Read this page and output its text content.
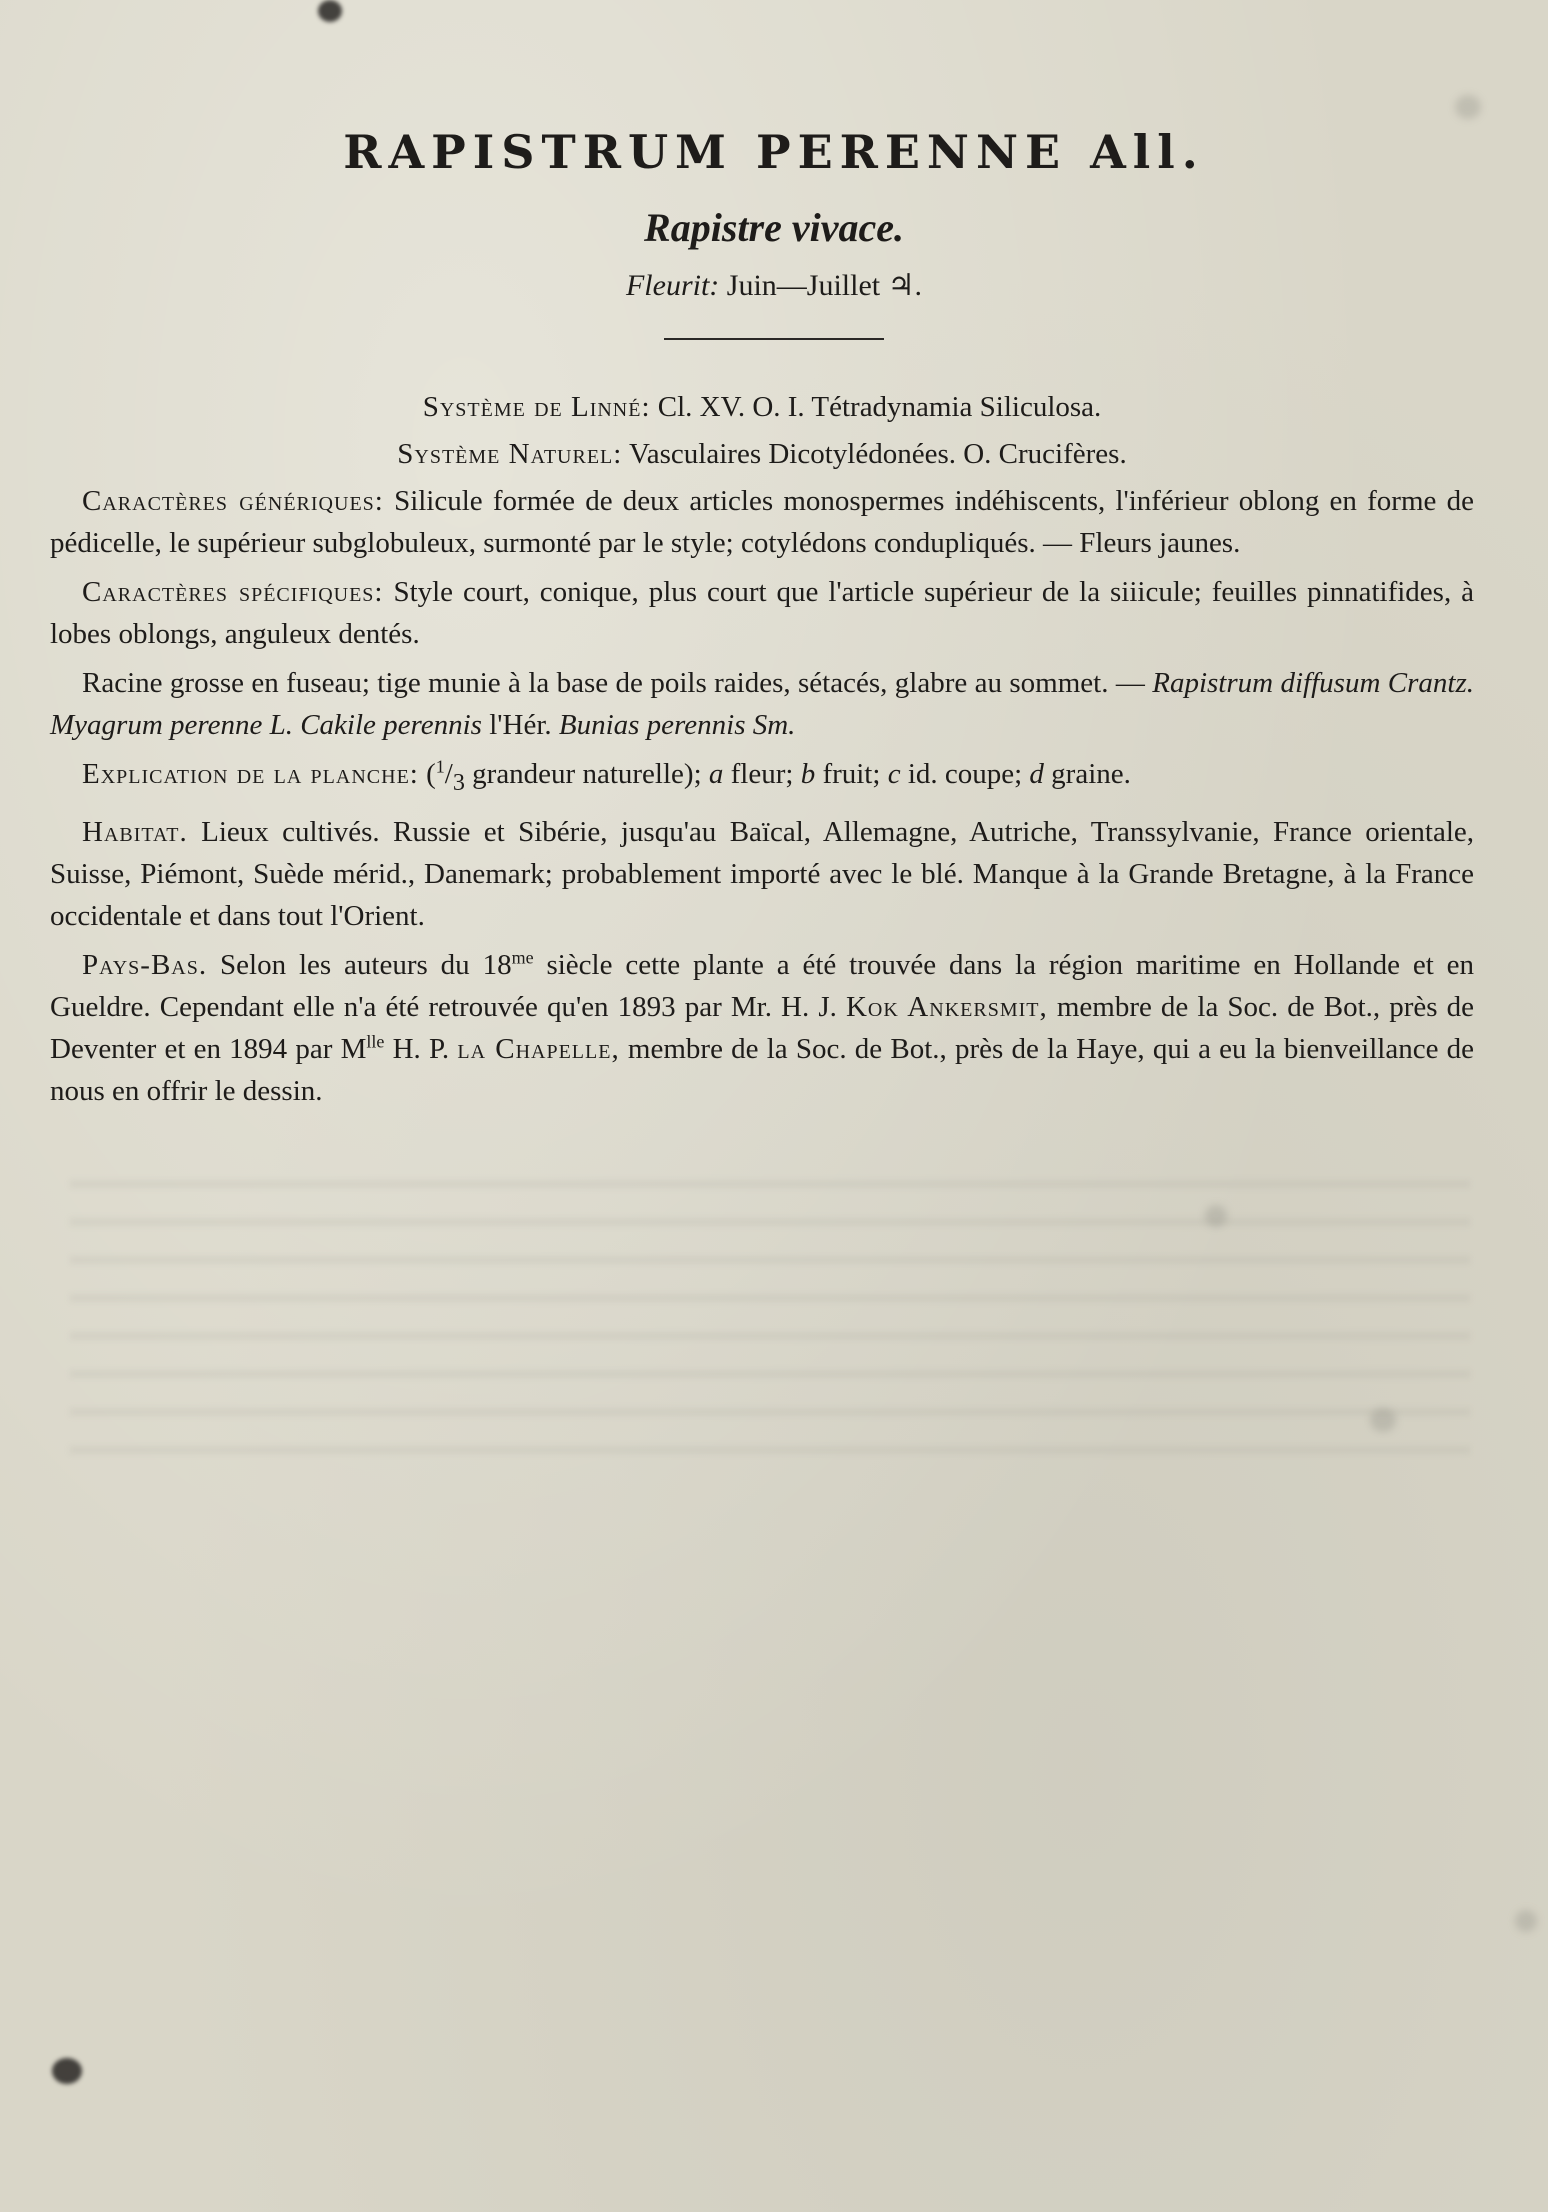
RAPISTRUM PERENNE All.
Rapistre vivace.
Fleurit: Juin—Juillet ♃.
Système de Linné: Cl. XV. O. I. Tétradynamia Siliculosa.
Système Naturel: Vasculaires Dicotylédonées. O. Crucifères.

Caractères génériques: Silicule formée de deux articles monospermes indéhiscents, l'inférieur oblong en forme de pédicelle, le supérieur subglobuleux, surmonté par le style; cotylédons condupliqués. — Fleurs jaunes.

Caractères spécifiques: Style court, conique, plus court que l'article supérieur de la siiicule; feuilles pinnatifides, à lobes oblongs, anguleux dentés.

Racine grosse en fuseau; tige munie à la base de poils raides, sétacés, glabre au sommet. — Rapistrum diffusum Crantz. Myagrum perenne L. Cakile perennis l'Hér. Bunias perennis Sm.

Explication de la planche: ($^1/_3$ grandeur naturelle); a fleur; b fruit; c id. coupe; d graine.

Habitat. Lieux cultivés. Russie et Sibérie, jusqu'au Baïcal, Allemagne, Autriche, Transsylvanie, France orientale, Suisse, Piémont, Suède mérid., Danemark; probablement importé avec le blé. Manque à la Grande Bretagne, à la France occidentale et dans tout l'Orient.

Pays-Bas. Selon les auteurs du $18^{me}$ siècle cette plante a été trouvée dans la région maritime en Hollande et en Gueldre. Cependant elle n'a été retrouvée qu'en 1893 par Mr. H. J. Kok Ankersmit, membre de la Soc. de Bot., près de Deventer et en 1894 par $M^{lle}$ H. P. la Chapelle, membre de la Soc. de Bot., près de la Haye, qui a eu la bienveillance de nous en offrir le dessin.
